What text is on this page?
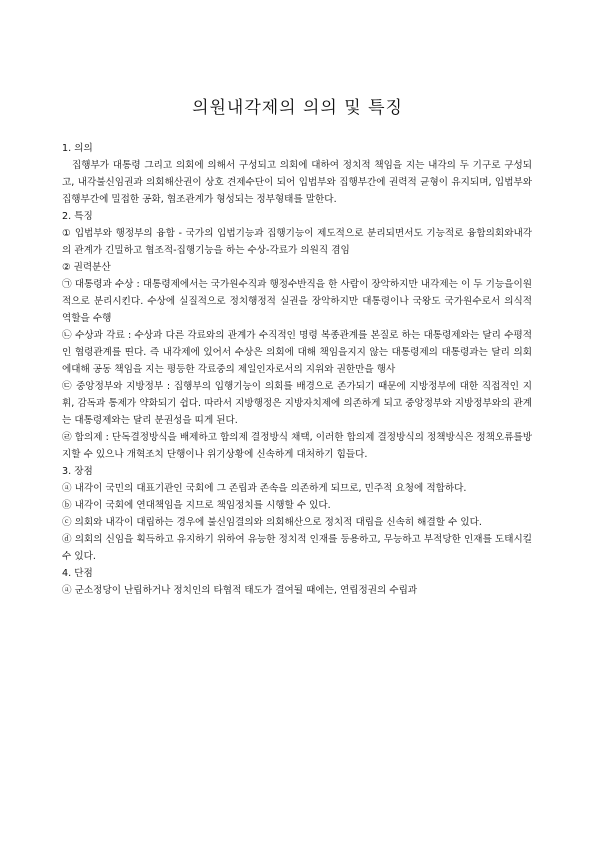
의원내각제의 의의 및 특징

1. 의의

집행부가 대통령 그리고 의회에 의해서 구성되고 의회에 대하여 정치적 책임을 지는 내각의 두 기구로 구성되고, 내각불신임권과 의회해산권이 상호 견제수단이 되어 입법부와 집행부간에 권력적 균형이 유지되며, 입법부와 집행부간에 밀접한 공화, 협조관계가 형성되는 정부형태를 말한다.

2. 특징

① 입법부와 행정부의 융합 - 국가의 입법기능과 집행기능이 제도적으로 분리되면서도 기능적로 융합의회와내각의 관계가 긴밀하고 협조적-집행기능을 하는 수상-각료가 의원직 겸임

② 권력분산

㉠ 대통령과 수상 : 대통령제에서는 국가원수직과 행정수반직을 한 사람이 장악하지만 내각제는 이 두 기능을이원적으로 분리시킨다. 수상에 실질적으로 정치행정적 실권을 장악하지만 대통령이나 국왕도 국가원수로서 의식적 역할을 수행

㉡ 수상과 각료 : 수상과 다른 각료와의 관계가 수직적인 명령 복종관계를 본질로 하는 대통령제와는 달리 수평적인 협령관계를 띤다. 즉 내각제에 있어서 수상은 의회에 대해 책임을지지 않는 대통령제의 대통령과는 달리 의회에대해 공동 책임을 지는 평등한 각료중의 제일인자로서의 지위와 권한만을 행사

㉢ 중앙정부와 지방정부 : 집행부의 입행기능이 의회를 배경으로 존가되기 때문에 지방정부에 대한 직접적인 지휘, 감독과 통제가 약화되기 쉽다. 따라서 지방행정은 지방자치제에 의존하게 되고 중앙정부와 지방정부와의 관계는 대통령제와는 달리 분권성을 띠게 된다.

㉣ 합의제 : 단독결정방식을 배제하고 합의제 결정방식 채택, 이러한 합의제 결정방식의 정책방식은 정책오류를방지할 수 있으나 개혁조치 단행이나 위기상황에 신속하게 대처하기 힘들다.

3. 장점

ⓐ 내각이 국민의 대표기관인 국회에 그 존립과 존속을 의존하게 되므로, 민주적 요청에 적합하다.

ⓑ 내각이 국회에 연대책임을 지므로 책임정치를 시행할 수 있다.

ⓒ 의회와 내각이 대립하는 경우에 불신임결의와 의회해산으로 정치적 대립을 신속히 해결할 수 있다.

ⓓ 의회의 신임을 획득하고 유지하기 위하여 유능한 정치적 인재를 등용하고, 무능하고 부적당한 인재를 도태시킬 수 있다.

4. 단점

ⓐ 군소정당이 난립하거나 정치인의 타협적 태도가 결여될 때에는, 연립정권의 수립과
